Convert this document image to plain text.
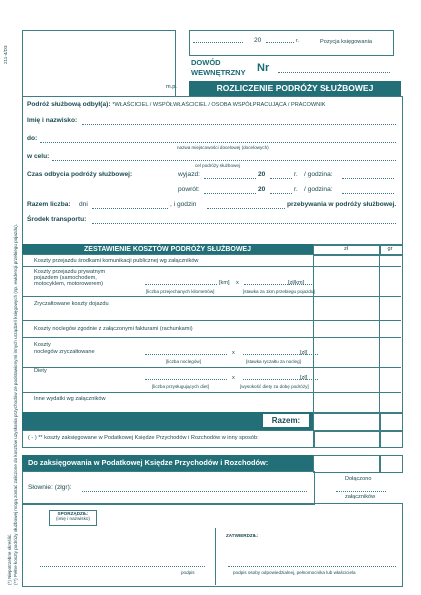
211-4/D3
(*) Niepotrzebne skreślić. (**) Pełne koszty podróży służbowej mogą zostać zaliczone do kosztów uzyskania przychodów ze podstawionymi innych urządzeń księgowych (np. ewidencji przebiegu pojazdu).
m.p.
20	r.	Pozycja księgowania
DOWÓD
WEWNĘTRZNY Nr
ROZLICZENIE PODRÓŻY SŁUŻBOWEJ
Podróż służbową odbył(a): *WŁAŚCICIEL / WSPÓŁWŁAŚCICIEL / OSOBA WSPÓŁPRACUJĄCA / PRACOWNIK
Imię i nazwisko:
do:
nazwa miejscowości docelowej (docelowych)
w celu:
cel podróży służbowej
Czas odbycia podróży służbowej:	wyjazd:	20	r. / godzina:
powrót:	20	r. / godzina:
Razem liczba: dni	, i godzin	przebywania w podróży służbowej.
Środek transportu:
ZESTAWIENIE KOSZTÓW PODRÓŻY SŁUŻBOWEJ	zł	gr
Koszty przejazdu środkami komunikacji publicznej wg załączników
Koszty przejazdu prywatnym
pojazdem (samochodem,
motocyklem, motorowerem)	[km] x	[zł/km]
[liczba przejechanych kilometrów]	[stawka za 1km przebiegu pojazdu]
Zryczałtowane koszty dojazdu
Koszty noclegów zgodnie z załączonymi fakturami (rachunkami)
Koszty
noclegów zryczałtowane	x	[zł]
[liczba noclegów]	[stawka ryczałtu za nocleg]
Diety
x	[zł]
[liczba przysługujących diet]	[wysokość diety za dobę podróży]
Inne wydatki wg załączników
Razem:
( - ) ** koszty zaksięgowane w Podatkowej Księdze Przychodów i Rozchodów w inny sposób:
Do zaksięgowania w Podatkowej Księdze Przychodów i Rozchodów:
Słownie: (złgr):
Dołączono
załączników
SPORZĄDZIŁ:
(imię i nazwisko)
podpis
ZATWIERDZIŁ:
podpis osoby odpowiedzialnej, pełnomocnika lub właściciela
